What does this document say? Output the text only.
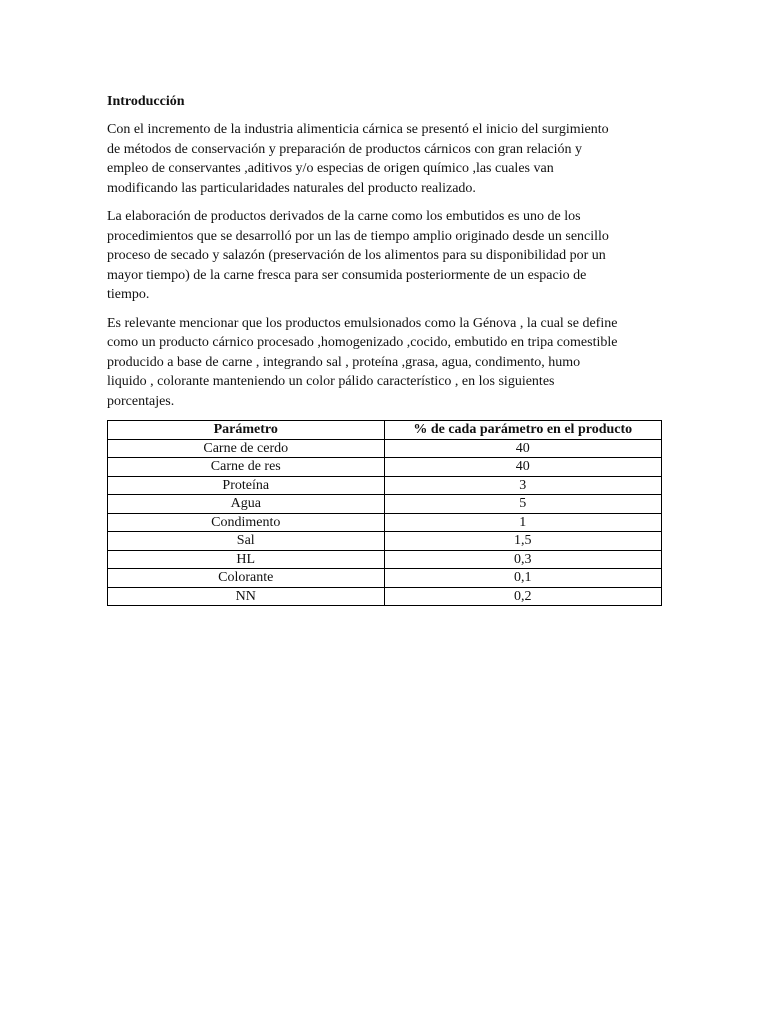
Introducción
Con el incremento de la industria alimenticia cárnica se presentó el inicio del surgimiento
de métodos de conservación y preparación de productos cárnicos con gran relación y
empleo de conservantes ,aditivos y/o especias de origen químico ,las cuales van
modificando las particularidades naturales del producto realizado.
La elaboración de productos derivados de la carne como los embutidos es uno de los
procedimientos que se desarrolló por un las de tiempo amplio originado desde un sencillo
proceso de secado y salazón (preservación de los alimentos para su disponibilidad por un
mayor tiempo) de la carne fresca para ser consumida posteriormente de un espacio de
tiempo.
Es relevante mencionar que los productos emulsionados como la Génova , la cual se define
como un producto cárnico procesado ,homogenizado ,cocido, embutido en tripa comestible
producido a base de carne , integrando sal , proteína ,grasa, agua, condimento, humo
liquido , colorante manteniendo un color pálido característico , en los siguientes
porcentajes.
Parámetro	% de cada parámetro en el producto
Carne de cerdo	40
Carne de res	40
Proteína	3
Agua	5
Condimento	1
Sal	1,5
HL	0,3
Colorante	0,1
NN	0,2
